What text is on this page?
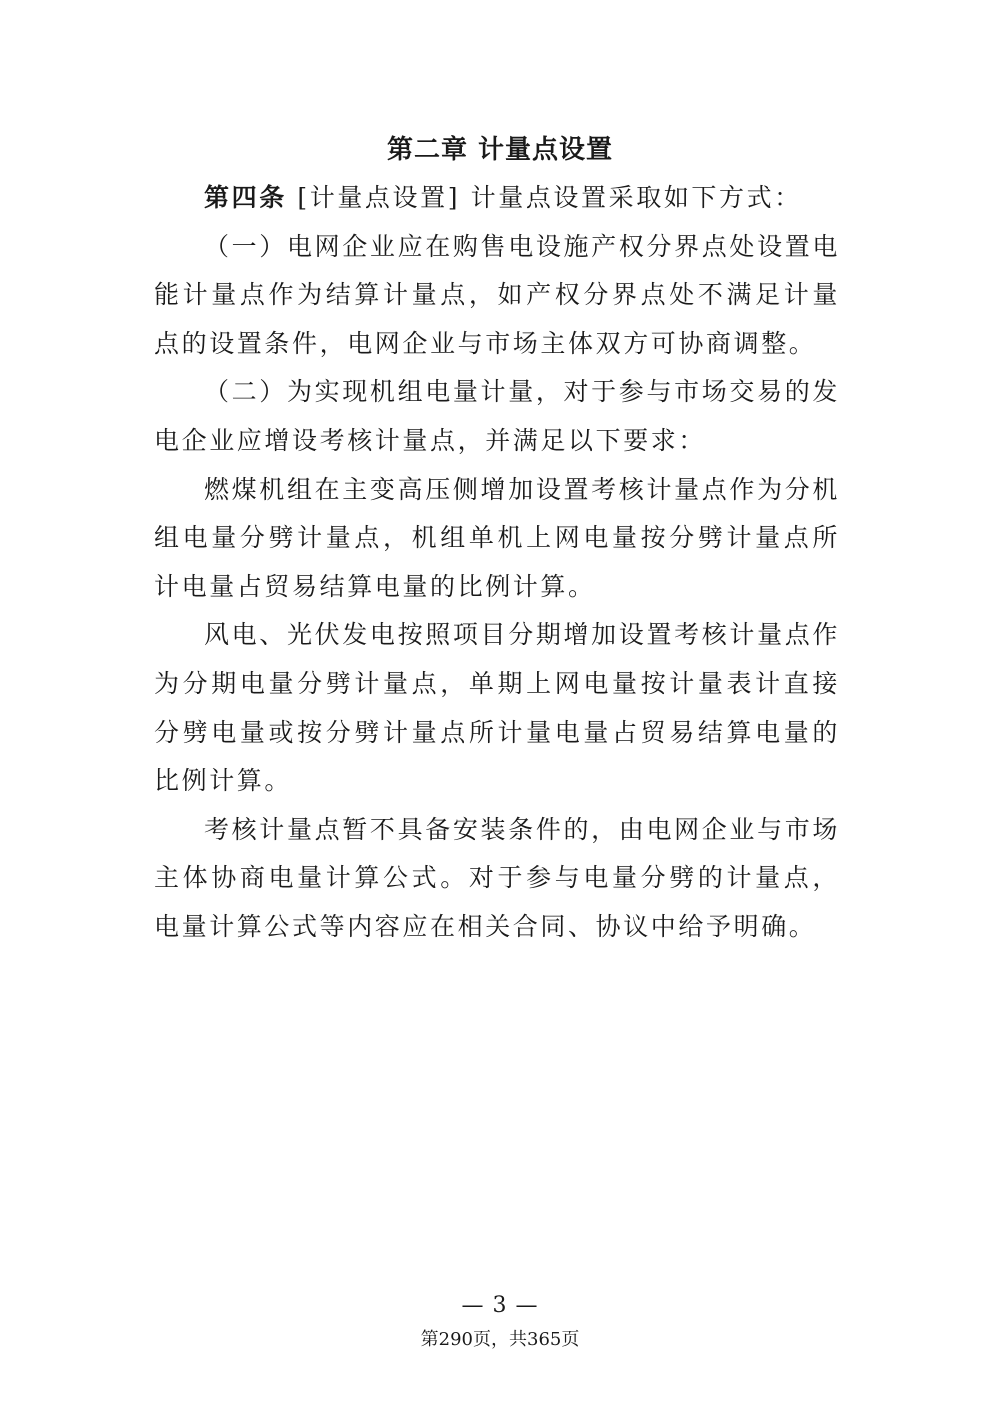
第二章 计量点设置

第四条 [计量点设置] 计量点设置采取如下方式：

（一）电网企业应在购售电设施产权分界点处设置电能计量点作为结算计量点，如产权分界点处不满足计量点的设置条件，电网企业与市场主体双方可协商调整。

（二）为实现机组电量计量，对于参与市场交易的发电企业应增设考核计量点，并满足以下要求：

燃煤机组在主变高压侧增加设置考核计量点作为分机组电量分劈计量点，机组单机上网电量按分劈计量点所计电量占贸易结算电量的比例计算。

风电、光伏发电按照项目分期增加设置考核计量点作为分期电量分劈计量点，单期上网电量按计量表计直接分劈电量或按分劈计量点所计量电量占贸易结算电量的比例计算。

考核计量点暂不具备安装条件的，由电网企业与市场主体协商电量计算公式。对于参与电量分劈的计量点，电量计算公式等内容应在相关合同、协议中给予明确。

— 3 —
第290页，共365页
